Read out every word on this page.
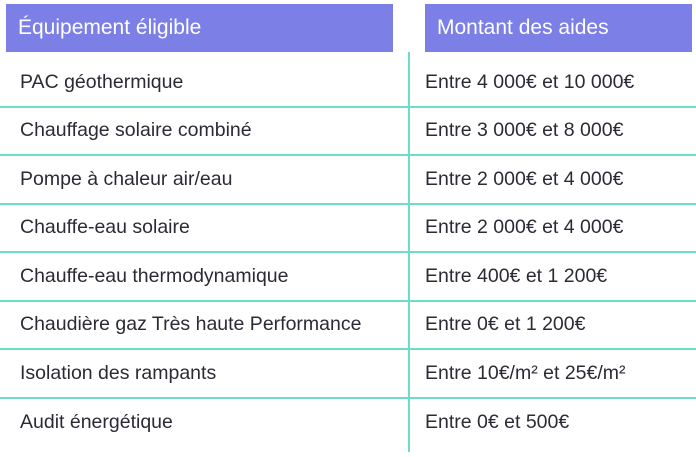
Équipement éligible	Montant des aides
PAC géothermique	Entre 4 000€ et 10 000€
Chauffage solaire combiné	Entre 3 000€ et 8 000€
Pompe à chaleur air/eau	Entre 2 000€ et 4 000€
Chauffe-eau solaire	Entre 2 000€ et 4 000€
Chauffe-eau thermodynamique	Entre 400€ et 1 200€
Chaudière gaz Très haute Performance	Entre 0€ et 1 200€
Isolation des rampants	Entre 10€/m² et 25€/m²
Audit énergétique	Entre 0€ et 500€
